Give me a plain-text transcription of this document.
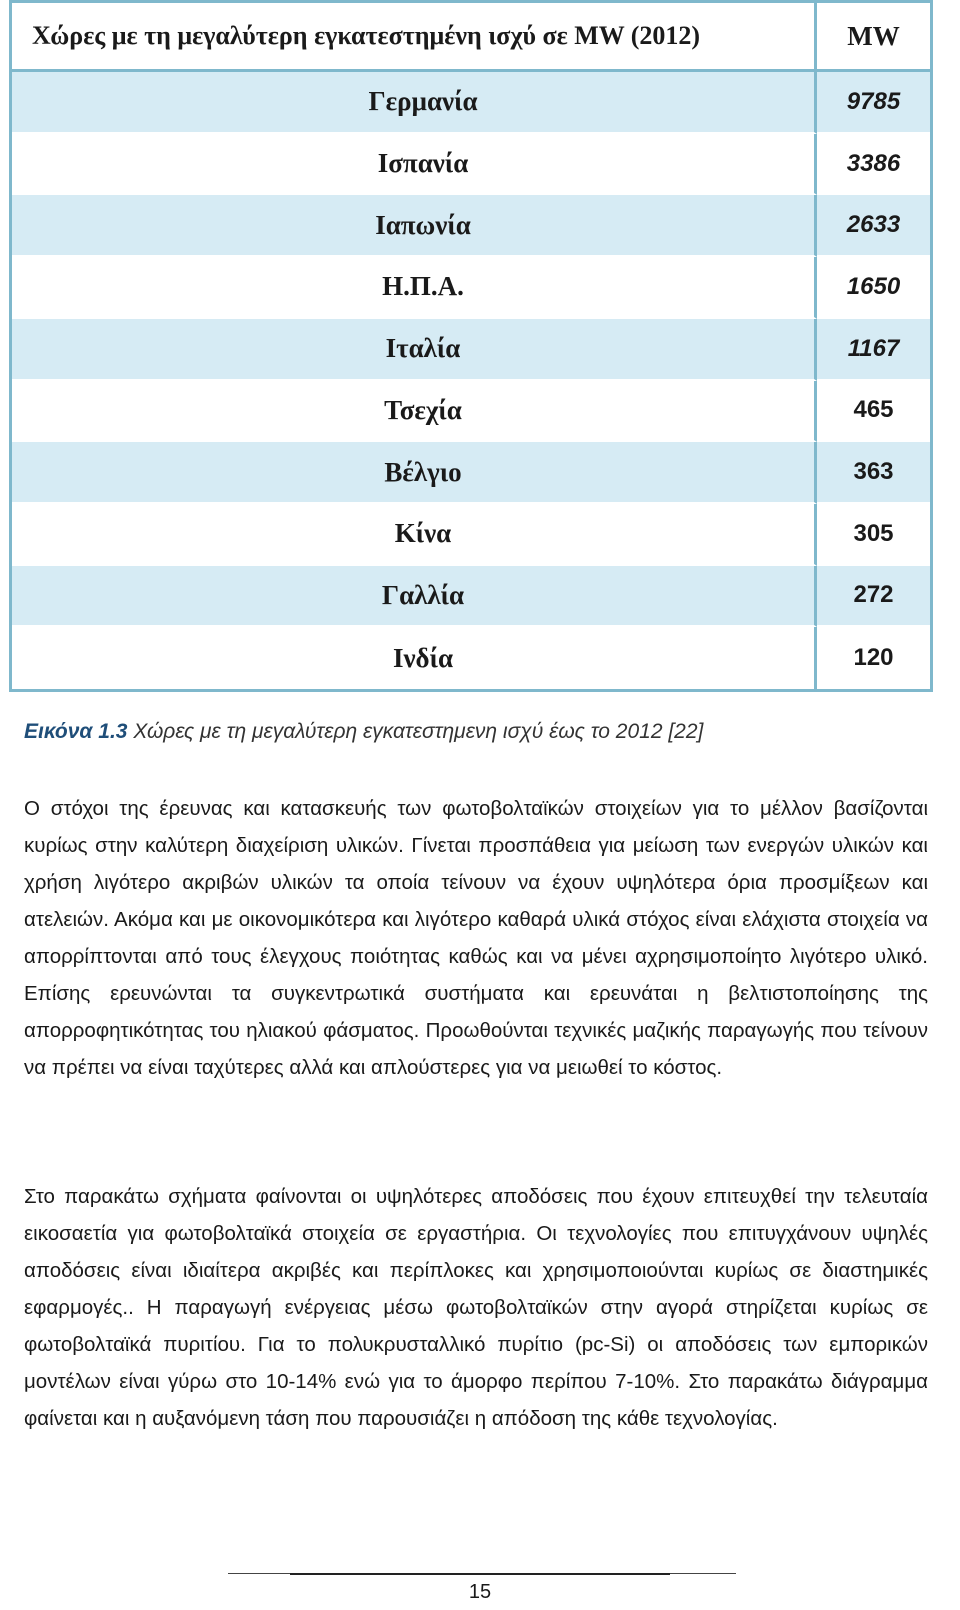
Χώρες με τη μεγαλύτερη εγκατεστημένη ισχύ σε MW (2012)	MW
Γερμανία	9785
Ισπανία	3386
Ιαπωνία	2633
Η.Π.Α.	1650
Ιταλία	1167
Τσεχία	465
Βέλγιο	363
Κίνα	305
Γαλλία	272
Ινδία	120
Εικόνα 1.3 Χώρες με τη μεγαλύτερη εγκατεστημενη ισχύ έως το 2012 [22]

Ο στόχοι της έρευνας και κατασκευής των φωτοβολταϊκών στοιχείων για το μέλλον βασίζονται κυρίως στην καλύτερη διαχείριση υλικών. Γίνεται προσπάθεια για μείωση των ενεργών υλικών και χρήση λιγότερο ακριβών υλικών τα οποία τείνουν να έχουν υψηλότερα όρια προσμίξεων και ατελειών. Ακόμα και με οικονομικότερα και λιγότερο καθαρά υλικά στόχος είναι ελάχιστα στοιχεία να απορρίπτονται από τους έλεγχους ποιότητας καθώς και να μένει αχρησιμοποίητο λιγότερο υλικό. Επίσης ερευνώνται τα συγκεντρωτικά συστήματα και ερευνάται η βελτιστοποίησης της απορροφητικότητας του ηλιακού φάσματος. Προωθούνται τεχνικές μαζικής παραγωγής που τείνουν να πρέπει να είναι ταχύτερες αλλά και απλούστερες για να μειωθεί το κόστος.

Στο παρακάτω σχήματα φαίνονται οι υψηλότερες αποδόσεις που έχουν επιτευχθεί την τελευταία εικοσαετία για φωτοβολταϊκά στοιχεία σε εργαστήρια. Οι τεχνολογίες που επιτυγχάνουν υψηλές αποδόσεις είναι ιδιαίτερα ακριβές και περίπλοκες και χρησιμοποιούνται κυρίως σε διαστημικές εφαρμογές.. Η παραγωγή ενέργειας μέσω φωτοβολταϊκών στην αγορά στηρίζεται κυρίως σε φωτοβολταϊκά πυριτίου. Για το πολυκρυσταλλικό πυρίτιο (pc-Si) οι αποδόσεις των εμπορικών μοντέλων είναι γύρω στο 10-14% ενώ για το άμορφο περίπου 7-10%. Στο παρακάτω διάγραμμα φαίνεται και η αυξανόμενη τάση που παρουσιάζει η απόδοση της κάθε τεχνολογίας.

15
